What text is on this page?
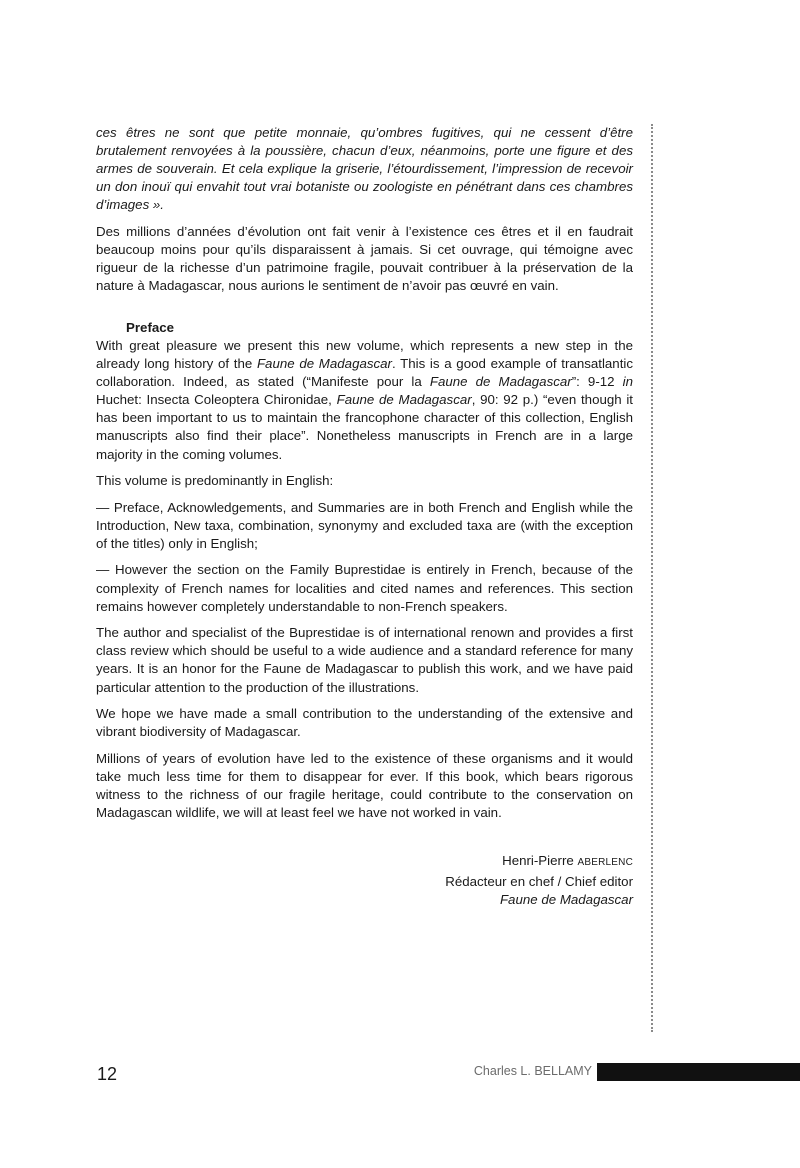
ces êtres ne sont que petite monnaie, qu’ombres fugitives, qui ne cessent d’être brutalement renvoyées à la poussière, chacun d’eux, néanmoins, porte une figure et des armes de souverain. Et cela explique la griserie, l’étourdissement, l’impression de recevoir un don inouï qui envahit tout vrai botaniste ou zoologiste en pénétrant dans ces chambres d’images ».

Des millions d’années d’évolution ont fait venir à l’existence ces êtres et il en faudrait beaucoup moins pour qu’ils disparaissent à jamais. Si cet ouvrage, qui témoigne avec rigueur de la richesse d’un patrimoine fragile, pouvait contribuer à la préservation de la nature à Madagascar, nous aurions le sentiment de n’avoir pas œuvré en vain.

Preface

With great pleasure we present this new volume, which represents a new step in the already long history of the Faune de Madagascar. This is a good example of transatlantic collaboration. Indeed, as stated (“Manifeste pour la Faune de Madagascar”: 9-12 in Huchet: Insecta Coleoptera Chironidae, Faune de Madagascar, 90: 92 p.) “even though it has been important to us to maintain the francophone character of this collection, English manuscripts also find their place”. Nonetheless manuscripts in French are in a large majority in the coming volumes.

This volume is predominantly in English:

— Preface, Acknowledgements, and Summaries are in both French and English while the Introduction, New taxa, combination, synonymy and excluded taxa are (with the exception of the titles) only in English;

— However the section on the Family Buprestidae is entirely in French, because of the complexity of French names for localities and cited names and references. This section remains however completely understandable to non-French speakers.

The author and specialist of the Buprestidae is of international renown and provides a first class review which should be useful to a wide audience and a standard reference for many years. It is an honor for the Faune de Madagascar to publish this work, and we have paid particular attention to the production of the illustrations.

We hope we have made a small contribution to the understanding of the extensive and vibrant biodiversity of Madagascar.

Millions of years of evolution have led to the existence of these organisms and it would take much less time for them to disappear for ever. If this book, which bears rigorous witness to the richness of our fragile heritage, could contribute to the conservation on Madagascan wildlife, we will at least feel we have not worked in vain.

Henri-Pierre ABERLENC
Rédacteur en chef / Chief editor
Faune de Madagascar
12	Charles L. BELLAMY
